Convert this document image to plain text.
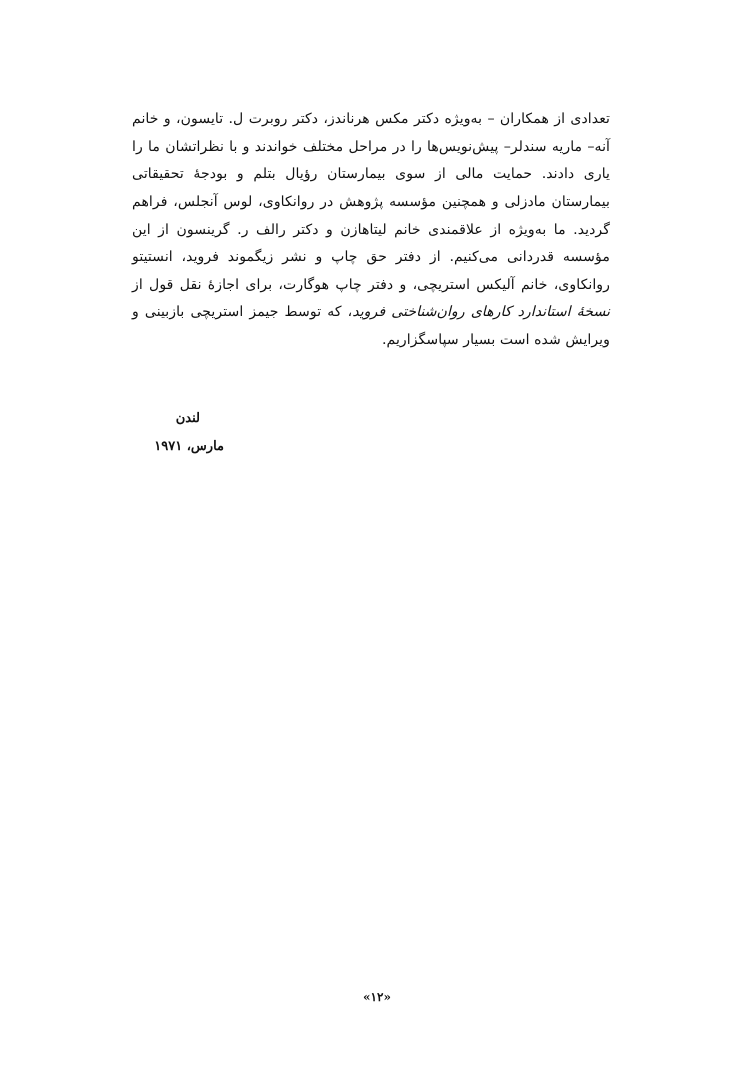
تعدادی از همکاران – به‌ویژه دکتر مکس هرناندز، دکتر روبرت ل. تایسون، و خانم آنه– ماریه سندلر– پیش‌نویس‌ها را در مراحل مختلف خواندند و با نظراتشان ما را یاری دادند. حمایت مالی از سوی بیمارستان رؤیال بتلم و بودجهٔ تحقیقاتی بیمارستان مادزلی و همچنین مؤسسه پژوهش در روانکاوی، لوس آنجلس، فراهم گردید. ما به‌ویژه از علاقمندی خانم لیتاهازن و دکتر رالف ر. گرینسون از این مؤسسه قدردانی می‌کنیم. از دفتر حق چاپ و نشر زیگموند فروید، انستیتو روانکاوی، خانم آلیکس استریچی، و دفتر چاپ هوگارت، برای اجازهٔ نقل قول از نسخهٔ استاندارد کارهای روان‌شناختی فروید، که توسط جیمز استریچی بازبینی و ویرایش شده است بسیار سپاسگزاریم.

لندن
مارس، ۱۹۷۱
«۱۲»
